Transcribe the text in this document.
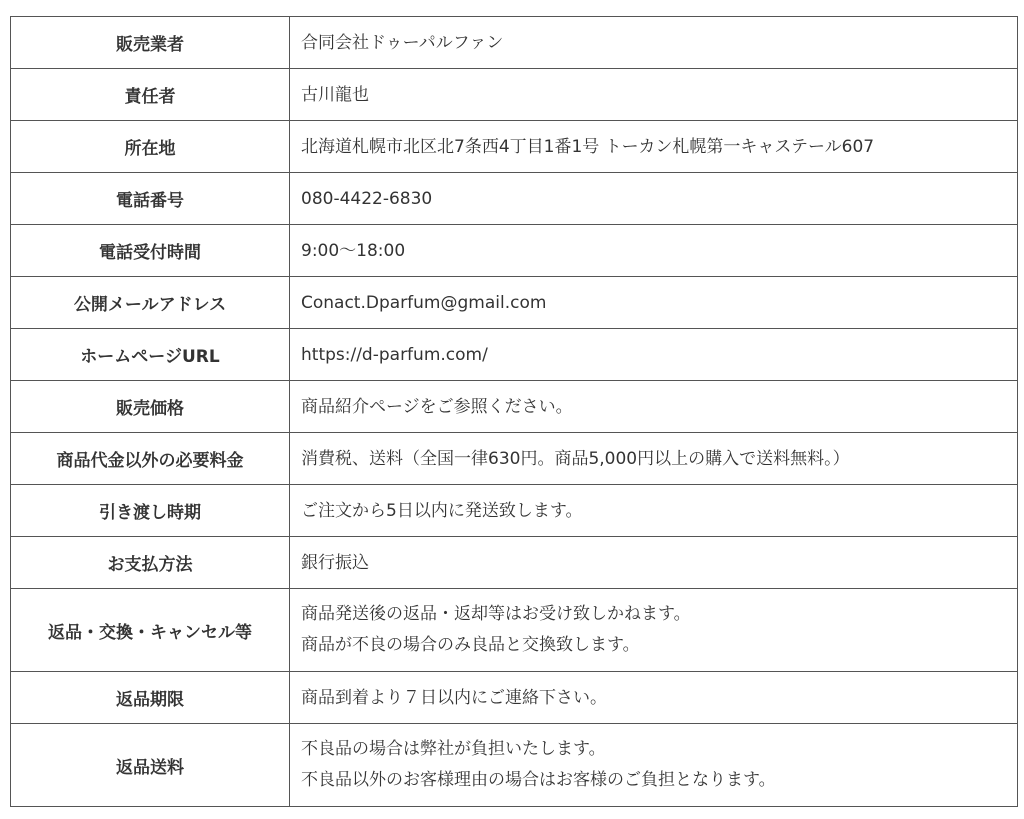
販売業者	合同会社ドゥーパルファン

責任者	古川龍也

所在地	北海道札幌市北区北7条西4丁目1番1号 トーカン札幌第一キャステール607

電話番号	080-4422-6830

電話受付時間	9:00～18:00

公開メールアドレス	Conact.Dparfum@gmail.com

ホームページURL	https://d-parfum.com/

販売価格	商品紹介ページをご参照ください。

商品代金以外の必要料金	消費税、送料（全国一律630円。商品5,000円以上の購入で送料無料。）

引き渡し時期	ご注文から5日以内に発送致します。

お支払方法	銀行振込

返品・交換・キャンセル等	商品発送後の返品・返却等はお受け致しかねます。
商品が不良の場合のみ良品と交換致します。

返品期限	商品到着より７日以内にご連絡下さい。

返品送料	不良品の場合は弊社が負担いたします。
不良品以外のお客様理由の場合はお客様のご負担となります。
